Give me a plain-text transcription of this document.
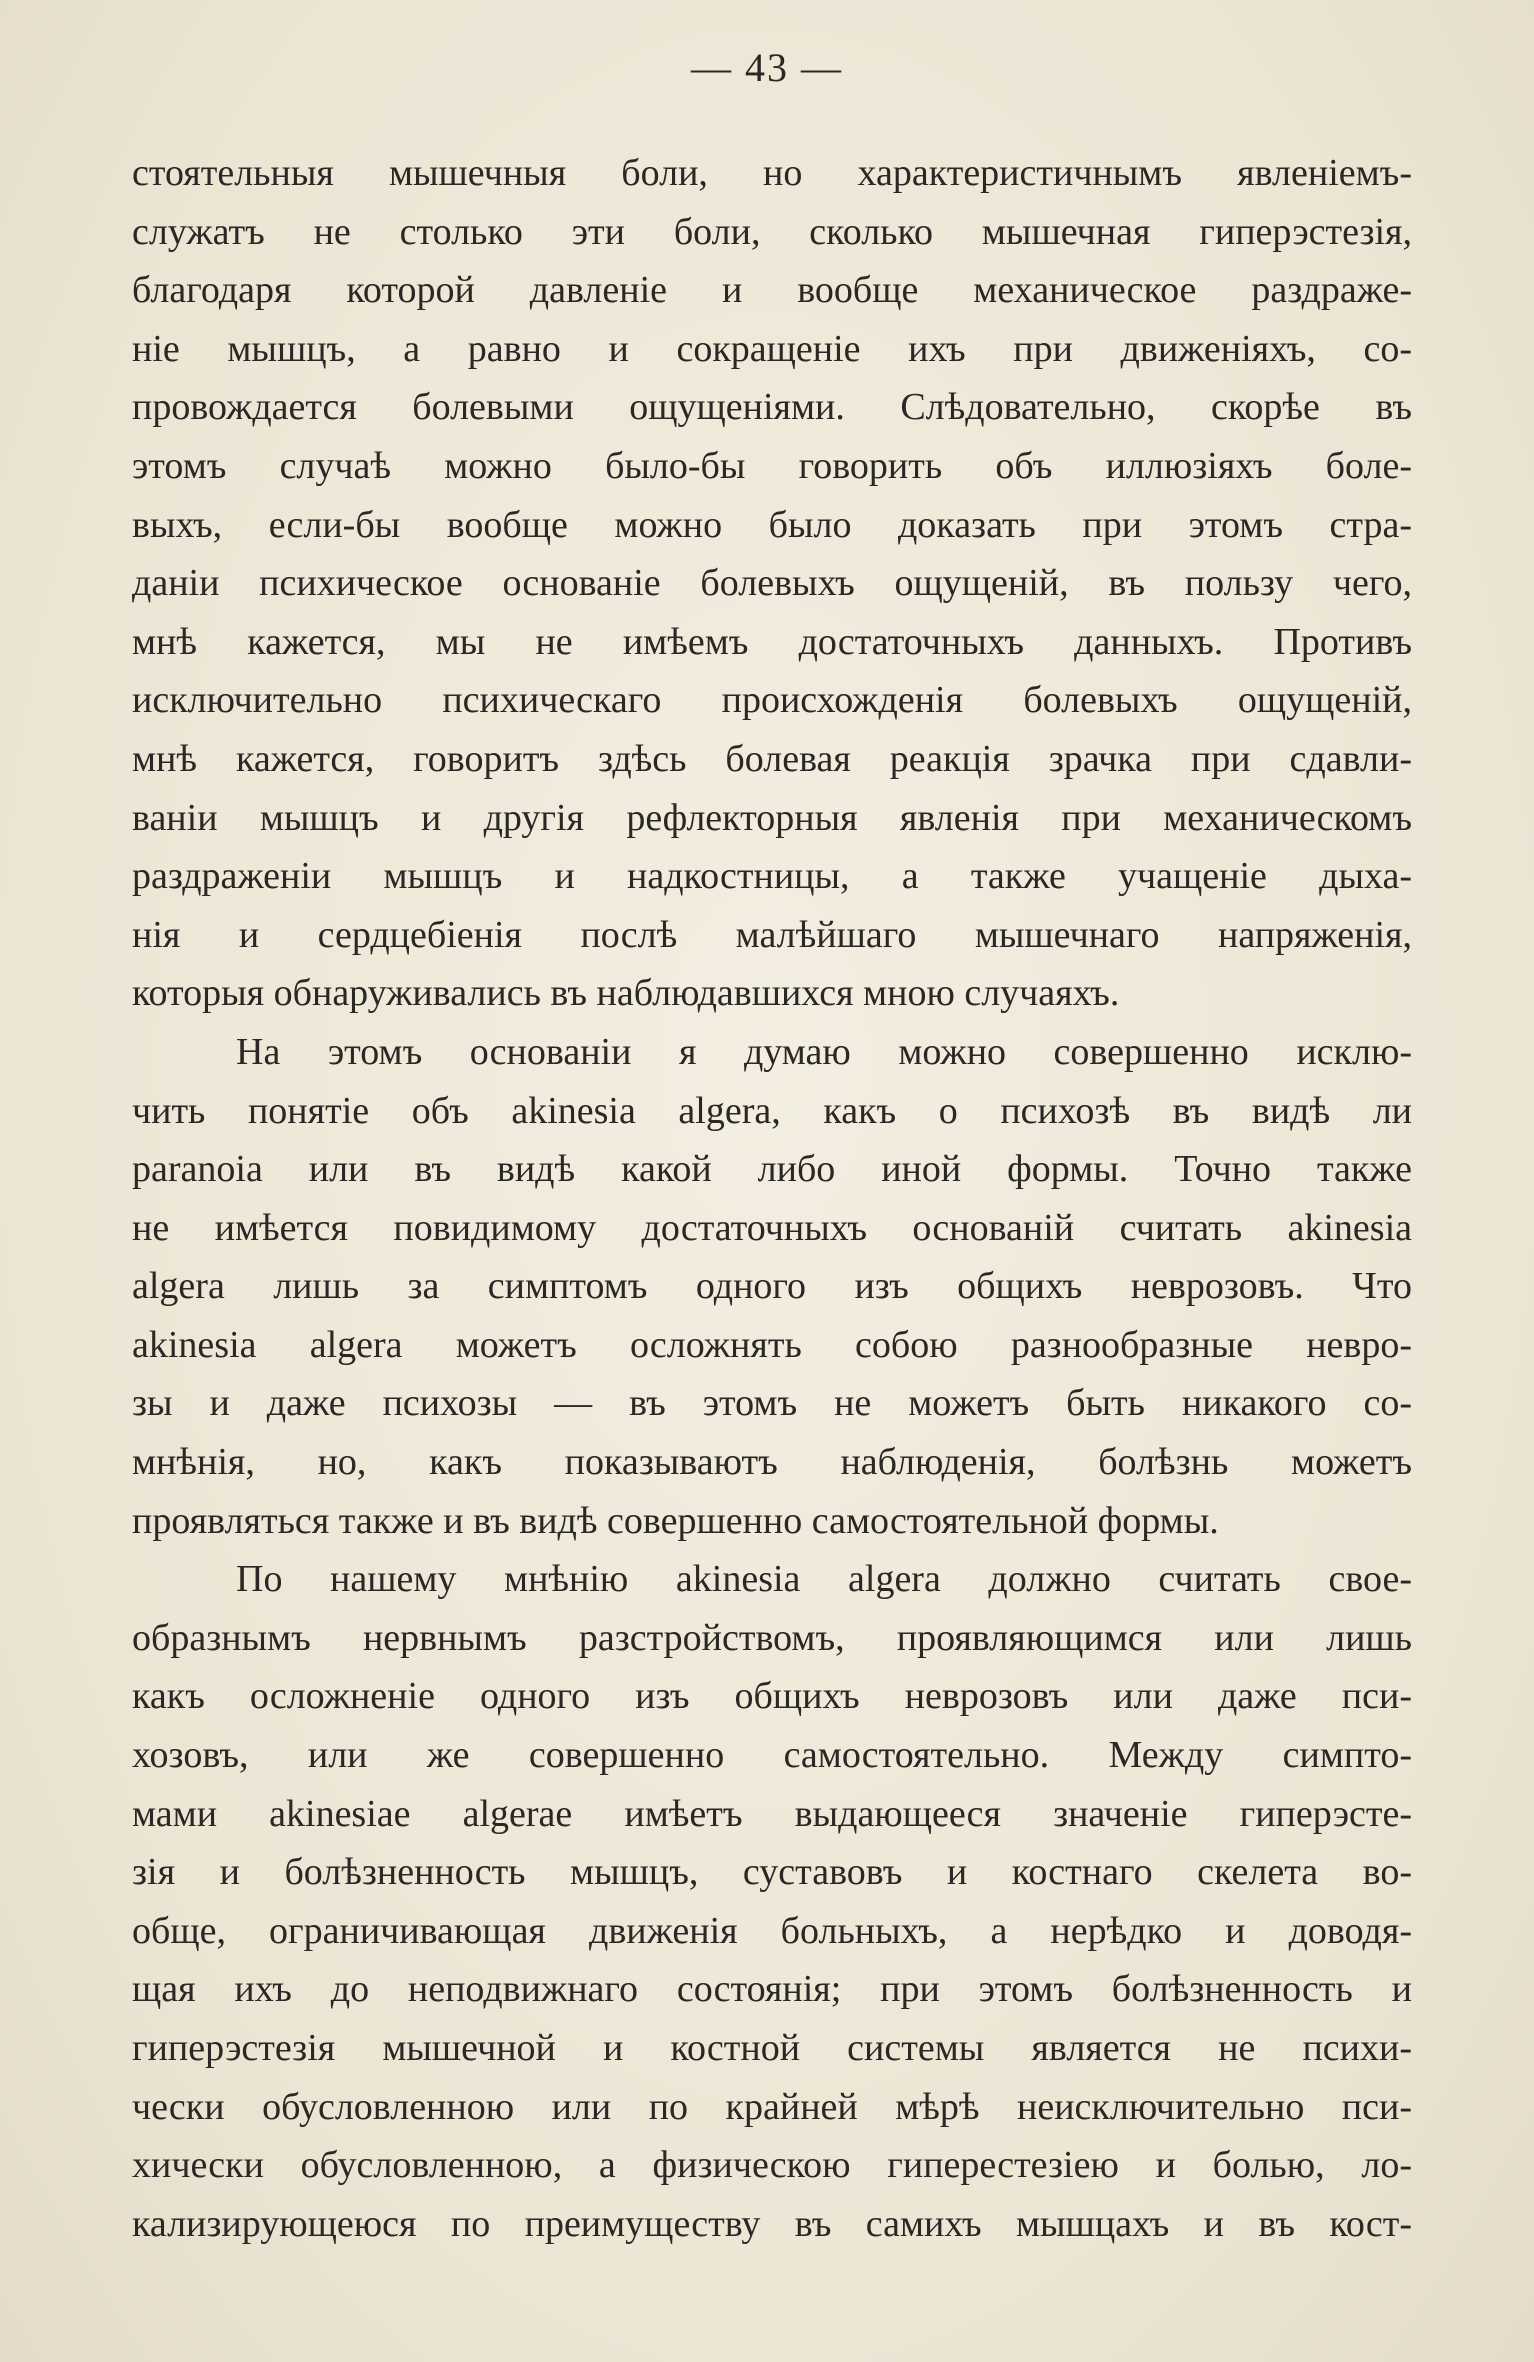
— 43 —
стоятельныя мышечныя боли, но характеристичнымъ явленіемъ-
служатъ не столько эти боли, сколько мышечная гиперэстезія,
благодаря которой давленіе и вообще механическое раздраже-
ніе мышцъ, а равно и сокращеніе ихъ при движеніяхъ, со-
провождается болевыми ощущеніями. Слѣдовательно, скорѣе въ
этомъ случаѣ можно было-бы говорить объ иллюзіяхъ боле-
выхъ, если-бы вообще можно было доказать при этомъ стра-
даніи психическое основаніе болевыхъ ощущеній, въ пользу чего,
мнѣ кажется, мы не имѣемъ достаточныхъ данныхъ. Противъ
исключительно психическаго происхожденія болевыхъ ощущеній,
мнѣ кажется, говоритъ здѣсь болевая реакція зрачка при сдавли-
ваніи мышцъ и другія рефлекторныя явленія при механическомъ
раздраженіи мышцъ и надкостницы, а также учащеніе дыха-
нія и сердцебіенія послѣ малѣйшаго мышечнаго напряженія,
которыя обнаруживались въ наблюдавшихся мною случаяхъ.
На этомъ основаніи я думаю можно совершенно исклю-
чить понятіе объ akinesia algera, какъ о психозѣ въ видѣ ли
paranoia или въ видѣ какой либо иной формы. Точно также
не имѣется повидимому достаточныхъ основаній считать akinesia
algera лишь за симптомъ одного изъ общихъ неврозовъ. Что
akinesia algera можетъ осложнять собою разнообразные невро-
зы и даже психозы — въ этомъ не можетъ быть никакого со-
мнѣнія, но, какъ показываютъ наблюденія, болѣзнь можетъ
проявляться также и въ видѣ совершенно самостоятельной формы.
По нашему мнѣнію akinesia algera должно считать свое-
образнымъ нервнымъ разстройствомъ, проявляющимся или лишь
какъ осложненіе одного изъ общихъ неврозовъ или даже пси-
хозовъ, или же совершенно самостоятельно. Между симпто-
мами akinesiae algerae имѣетъ выдающееся значеніе гиперэсте-
зія и болѣзненность мышцъ, суставовъ и костнаго скелета во-
обще, ограничивающая движенія больныхъ, а нерѣдко и доводя-
щая ихъ до неподвижнаго состоянія; при этомъ болѣзненность и
гиперэстезія мышечной и костной системы является не психи-
чески обусловленною или по крайней мѣрѣ неисключительно пси-
хически обусловленною, а физическою гиперестезіею и болью, ло-
кализирующеюся по преимуществу въ самихъ мышцахъ и въ кост-
